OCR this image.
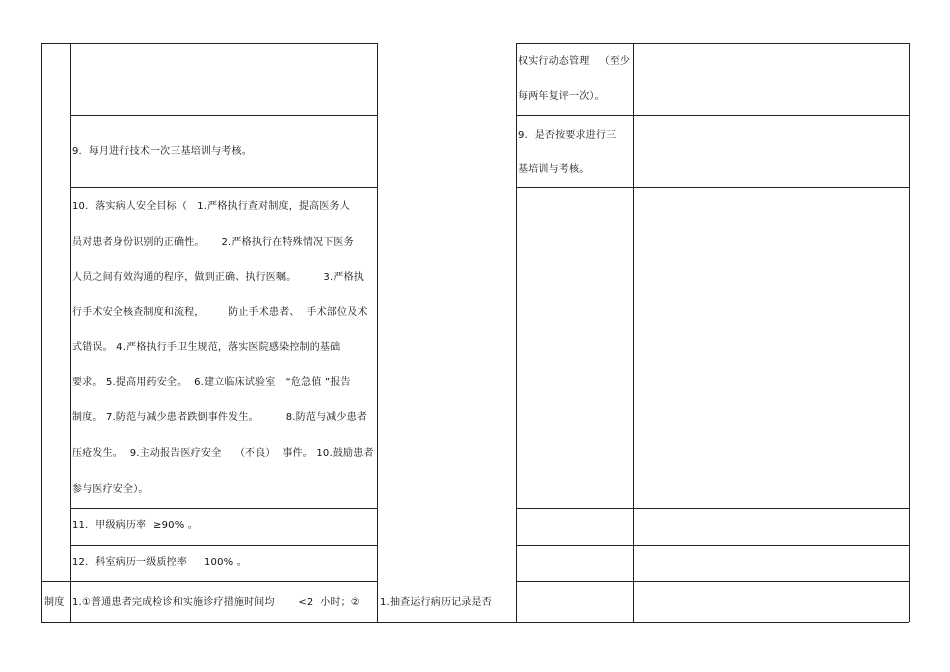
9.  每月进行技术一次三基培训与考核。
10.  落实病人安全目标（   1.严格执行查对制度，提高医务人
员对患者身份识别的正确性。     2.严格执行在特殊情况下医务
人员之间有效沟通的程序，做到正确、执行医嘱。        3.严格执
行手术安全核查制度和流程，       防止手术患者、  手术部位及术
式错误。 4.严格执行手卫生规范，落实医院感染控制的基础
要求。 5.提高用药安全。  6.建立临床试验室   “危急值 ”报告
制度。 7.防范与减少患者跌倒事件发生。        8.防范与减少患者
压疮发生。  9.主动报告医疗安全    （不良）  事件。 10.鼓励患者
参与医疗安全）。
11.  甲级病历率  ≥90% 。
12.  科室病历一级质控率     100% 。
制度 1.①普通患者完成检诊和实施诊疗措施时间均       <2  小时；② 1.抽查运行病历记录是否
权实行动态管理   （至少
每两年复评一次）。
9.  是否按要求进行三
基培训与考核。
